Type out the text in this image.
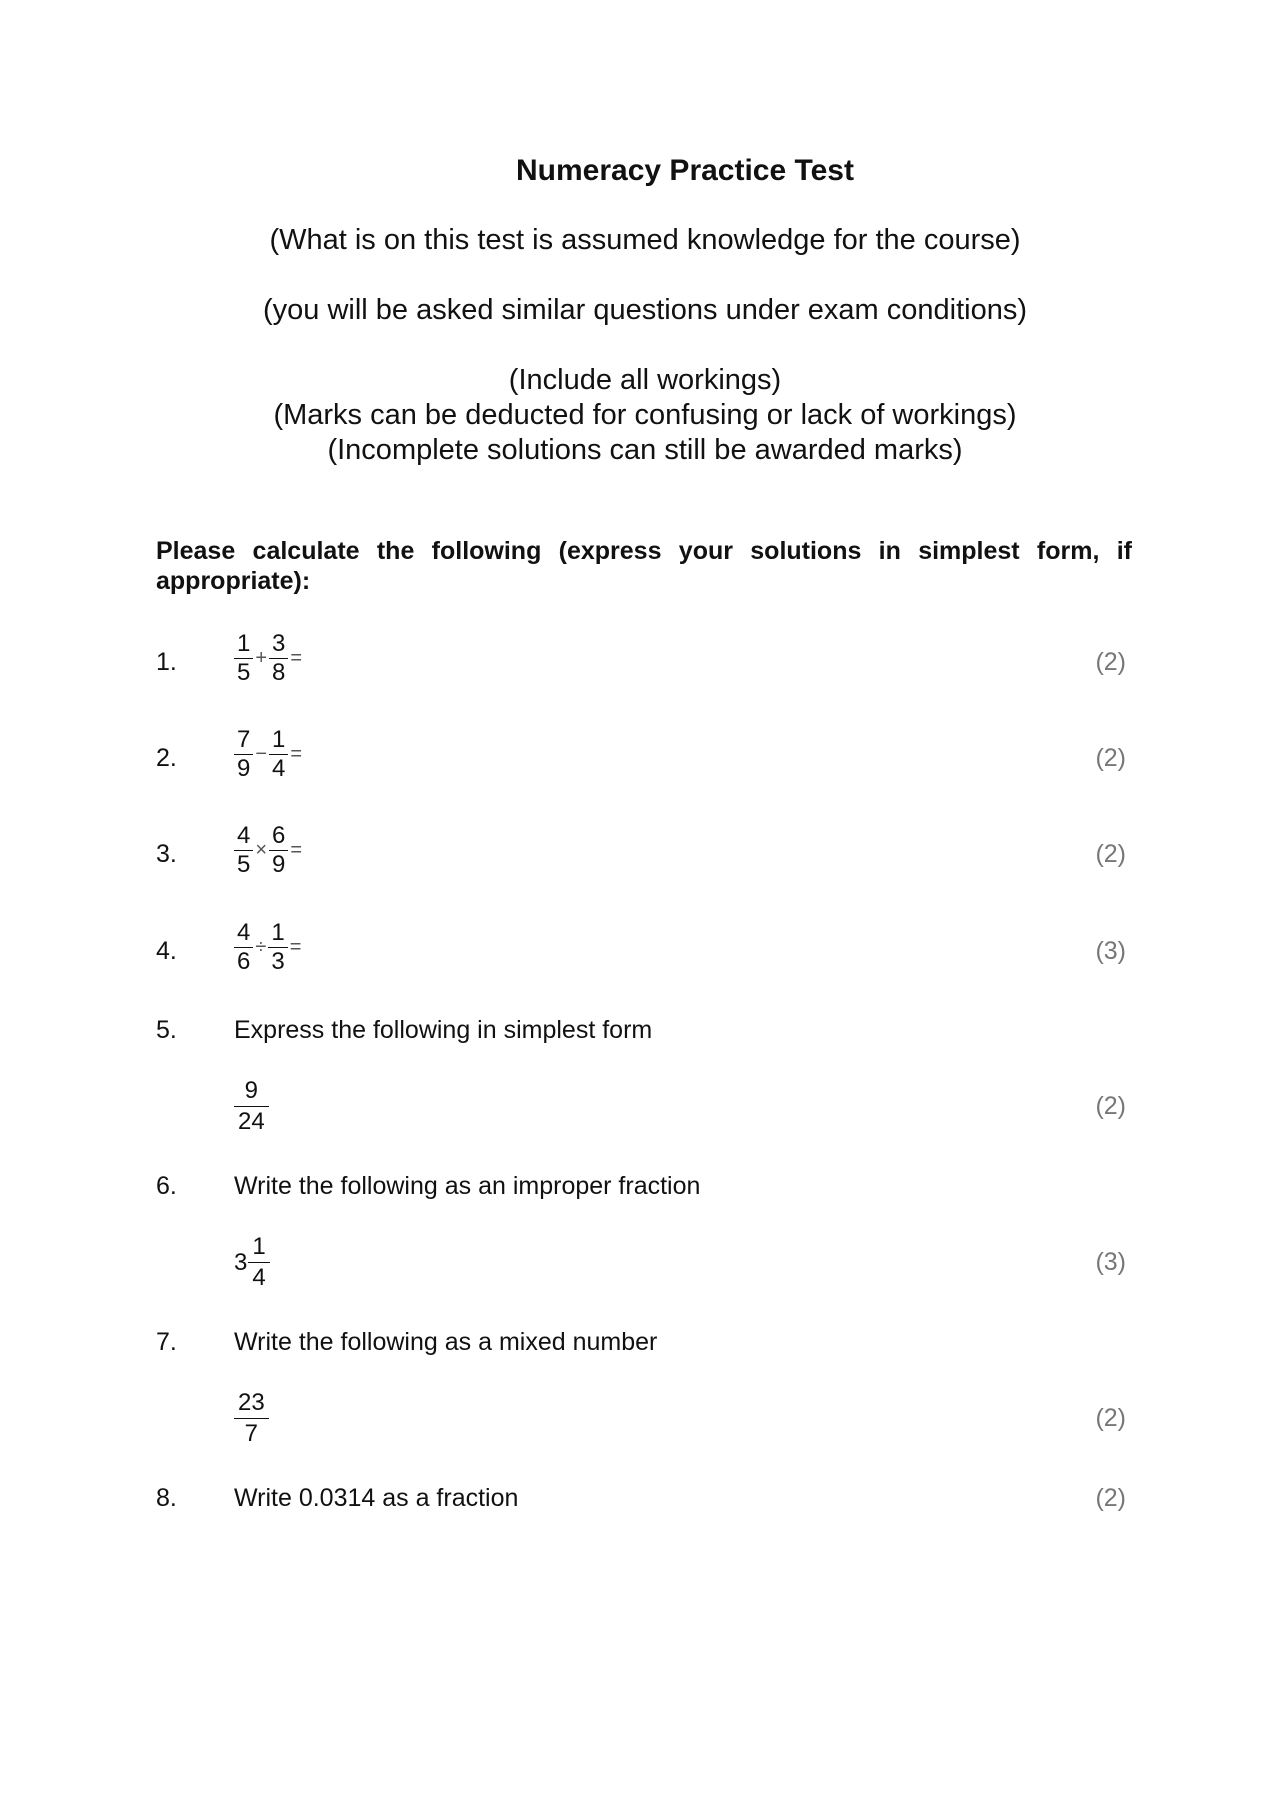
Numeracy Practice Test
(What is on this test is assumed knowledge for the course)
(you will be asked similar questions under exam conditions)
(Include all workings)
(Marks can be deducted for confusing or lack of workings)
(Incomplete solutions can still be awarded marks)
Please calculate the following (express your solutions in simplest form, if appropriate):
1. $\frac{1}{5} + \frac{3}{8}$ =	(2)
2. $\frac{7}{9} - \frac{1}{4}$ =	(2)
3. $\frac{4}{5} \times \frac{6}{9}$ =	(2)
4. $\frac{4}{6} \div \frac{1}{3}$ =	(3)
5. Express the following in simplest form
$\frac{9}{24}$	(2)
6. Write the following as an improper fraction
$3 \frac{1}{4}$	(3)
7. Write the following as a mixed number
$\frac{23}{7}$	(2)
8. Write 0.0314 as a fraction	(2)
